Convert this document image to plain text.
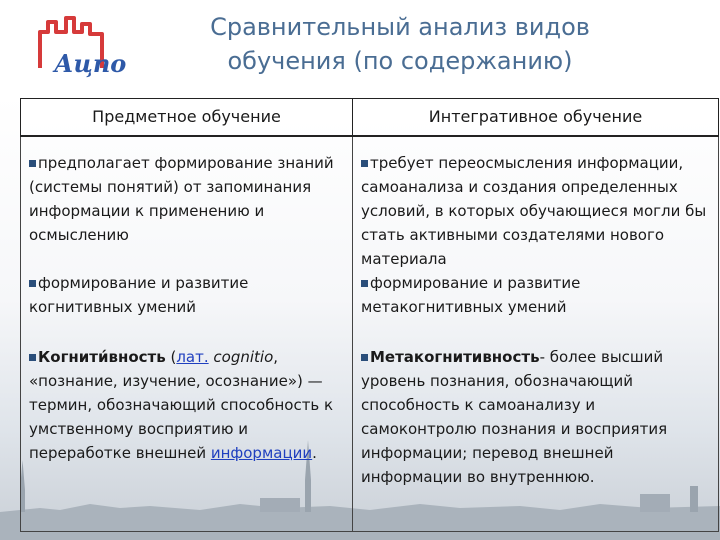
Ацпо
Сравнительный анализ видов
обучения (по содержанию)
Предметное обучение	Интегративное обучение
предполагает формирование знаний (системы понятий) от запоминания информации к применению и осмыслению	требует переосмысления информации, самоанализа и создания определенных условий, в которых обучающиеся могли бы стать активными создателями нового материала
формирование и развитие когнитивных умений	формирование и развитие метакогнитивных умений
Когнити́вность (лат. cognitio, «познание, изучение, осознание») — термин, обозначающий способность к умственному восприятию и переработке внешней информации.	Метакогнитивность- более высший уровень познания, обозначающий способность к самоанализу и самоконтролю познания и восприятия информации; перевод внешней информации во внутреннюю.
